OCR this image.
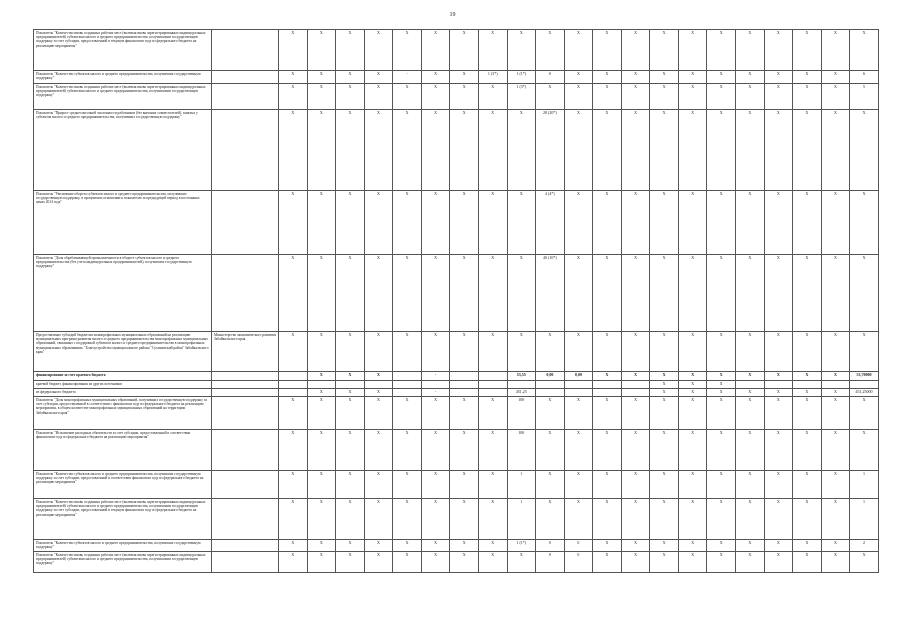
19
Показатель "Количество вновь созданных рабочих мест (включая вновь зарегистрированных индивидуальных предпринимателей) субъектами малого и среднего предпринимательства, получившими государственную поддержку за счет субсидии, предоставленной в текущем финансовом году из федерального бюджета на реализацию мероприятия"		X	X	X	X	X	X	X	X	X	X	X	X	X	X	X	X	X	X	X	X	X
Показатель "Количество субъектов малого и среднего предпринимательства, получивших государственную поддержку"		X	X	X	X	-	X	X	1 (3*)	1 (1*)	0	X	X	X	X	X	X	X	X	X	X	6
Показатель "Количество вновь созданных рабочих мест (включая вновь зарегистрированных индивидуальных предпринимателей) субъектами малого и среднего предпринимательства, получившими государственную поддержку"		X	X	X	X	X	X	X	X	1 (3*)	X	X	X	X	X	X	X	X	X	X	X	5
Показатель "Прирост среднесписочной численности работников (без внешних совместителей), занятых у субъектов малого и среднего предпринимательства, получивших государственную поддержку"		X	X	X	X	X	X	X	X	X	28 (20*)	X	X	X	X	X	X	X	X	X	X	X
Показатель "Увеличение оборота субъектов малого и среднего предпринимательства, получивших государственную поддержку, в процентном отношении к показателю за предыдущий период в постоянных ценах 2014 года"		X	X	X	X	X	X	X	X	X	4 (4*)	X	X	X	X	X	X	X	X	X	X	X
Показатель "Доля обрабатывающей промышленности в обороте субъектов малого и среднего предпринимательства (без учета индивидуальных предпринимателей), получивших государственную поддержку"		X	X	X	X	X	X	X	X	X	40 (10*)	X	X	X	X	X	X	X	X	X	X	X
Предоставление субсидий бюджетам монопрофильных муниципальных образований на реализацию муниципальных программ развития малого и среднего предпринимательства монопрофильных муниципальных образований, связанных с поддержкой субъектов малого и среднего предпринимательства в монопрофильных муниципальных образованиях: "Благоустройство муниципального района "Сухиничский район" Забайкальского края"	Министерство экономического развития Забайкальского края	X	X	X	X	X	X	X	X	X	X	X	X	X	X	X	X	X	X	X	X	X
финансирование за счет краевого бюджета			X	X	X		-			53,55	0,00	0,00	X	X	X	X	X	X	X	X	X	53,70000
краевой бюджет, финансирования из других источников															X	X	X					
из федерального бюджета			X	X	X		-			451,25					X	X	X	X	X	X	X	451,25000
Показатель "Доля монопрофильных муниципальных образований, получивших государственную поддержку за счет субсидии, предоставленной в соответствии с финансовом году из федерального бюджета на реализацию мероприятия, в общем количестве монопрофильных муниципальных образований на территории Забайкальского края"		X	X	X	X	X	X	X	X	100	X	X	X	X	X	X	X	X	X	X	X	X
Показатель "Исполнение расходных обязательств за счет субсидии, предоставленной в соответствии финансовом году из федерального бюджета на реализацию мероприятия"		X	X	X	X	X	X	X	X	100	X	X	X	X	X	X	X	X	X	X	X	X
Показатель "Количество субъектов малого и среднего предпринимательства, получивших государственную поддержку за счет субсидии, предоставленной в соответствии финансовом году из федерального бюджета на реализацию мероприятия"		X	X	X	X	X	X	X	X	1	X	X	X	X	X	X	X	X	X	X	X	1
Показатель "Количество вновь созданных рабочих мест (включая вновь зарегистрированных индивидуальных предпринимателей) субъектами малого и среднего предпринимательства, получившими государственную поддержку за счет субсидии, предоставленной в текущем финансовом году из федерального бюджета на реализацию мероприятия"		X	X	X	X	X	X	X	X	1	X	X	X	X	X	X	X	X	X	X	X	1
Показатель "Количество субъектов малого и среднего предпринимательства, получивших государственную поддержку"		X	X	X	X	X	X	X	X	1 (1*)	0	0	X	X	X	X	X	X	X	X	X	2
Показатель "Количество вновь созданных рабочих мест (включая вновь зарегистрированных индивидуальных предпринимателей) субъектами малого и среднего предпринимательства, получившими государственную поддержку"		X	X	X	X	X	X	X	X	X	0	0	X	X	X	X	X	X	X	X	X	X
